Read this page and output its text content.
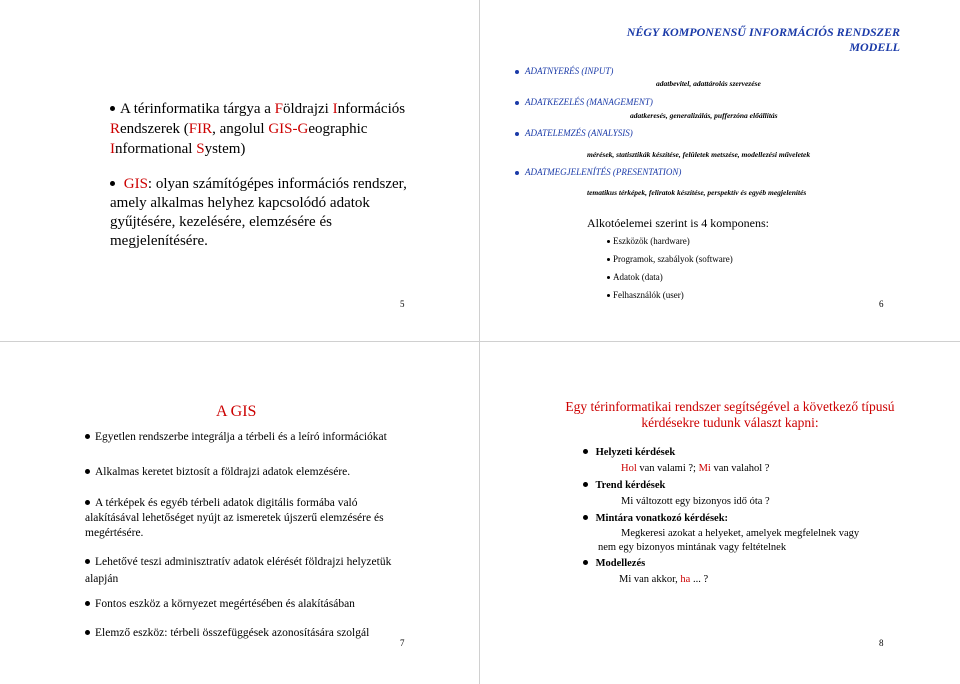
A térinformatika tárgya a Földrajzi Információs
Rendszerek (FIR, angolul GIS-Geographic
Informational System)
GIS: olyan számítógépes információs rendszer,
amely alkalmas helyhez kapcsolódó adatok
gyűjtésére, kezelésére, elemzésére és
megjelenítésére.
5
NÉGY KOMPONENSŰ INFORMÁCIÓS RENDSZER
MODELL
ADATNYERÉS (INPUT)
adatbevitel, adattárolás szervezése
ADATKEZELÉS (MANAGEMENT)
adatkeresés, generalizálás, pufferzóna előállítás
ADATELEMZÉS (ANALYSIS)
mérések, statisztikák készítése, felületek metszése, modellezési műveletek
ADATMEGJELENÍTÉS (PRESENTATION)
tematikus térképek, feliratok készítése, perspektív és egyéb megjelenítés
Alkotóelemei szerint is 4 komponens:
Eszközök (hardware)
Programok, szabályok (software)
Adatok (data)
Felhasználók (user)
6
A GIS
Egyetlen rendszerbe integrálja a térbeli és a leíró információkat
Alkalmas keretet biztosít a földrajzi adatok elemzésére.
A térképek és egyéb térbeli adatok digitális formába való
alakításával lehetőséget nyújt az ismeretek újszerű elemzésére és
megértésére.
Lehetővé teszi adminisztratív adatok elérését földrajzi helyzetük
alapján
Fontos eszköz a környezet megértésében és alakításában
Elemző eszköz: térbeli összefüggések azonosítására szolgál
7
Egy térinformatikai rendszer segítségével a következő típusú
kérdésekre tudunk választ kapni:
Helyzeti kérdések
Hol van valami ?; Mi van valahol ?
Trend kérdések
Mi változott egy bizonyos idő óta ?
Mintára vonatkozó kérdések:
Megkeresi azokat a helyeket, amelyek megfelelnek vagy
nem egy bizonyos mintának vagy feltételnek
Modellezés
Mi van akkor, ha ... ?
8
